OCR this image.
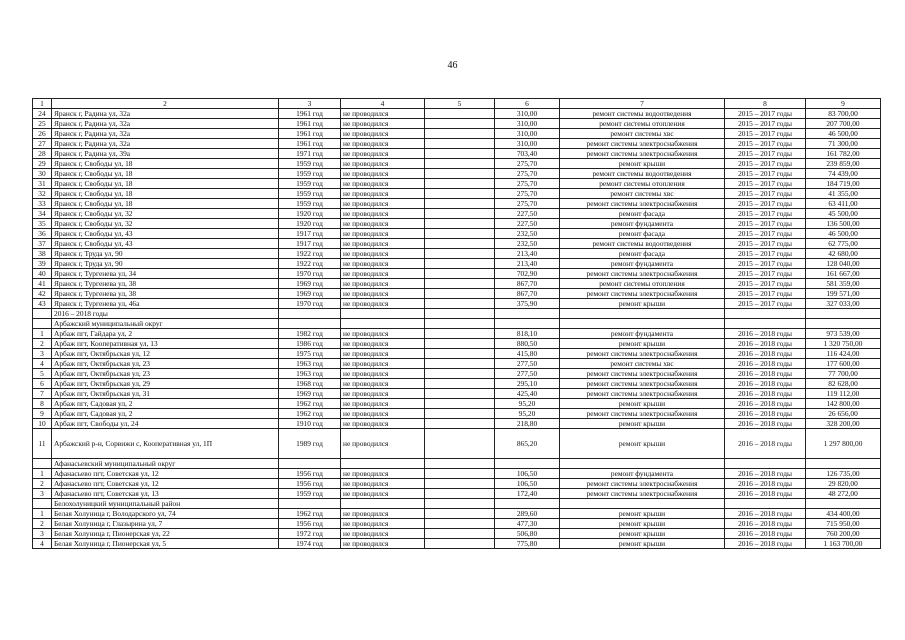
46
1	2	3	4	5	6	7	8	9
24	Яранск г, Радина ул, 32а	1961 год	не проводился		310,00	ремонт системы водоотведения	2015 – 2017 годы	83 700,00
25	Яранск г, Радина ул, 32а	1961 год	не проводился		310,00	ремонт системы отопления	2015 – 2017 годы	207 700,00
26	Яранск г, Радина ул, 32а	1961 год	не проводился		310,00	ремонт системы хвс	2015 – 2017 годы	46 500,00
27	Яранск г, Радина ул, 32а	1961 год	не проводился		310,00	ремонт системы электроснабжения	2015 – 2017 годы	71 300,00
28	Яранск г, Радина ул, 39а	1971 год	не проводился		703,40	ремонт системы электроснабжения	2015 – 2017 годы	161 782,00
29	Яранск г, Свободы ул, 18	1959 год	не проводился		275,70	ремонт крыши	2015 – 2017 годы	239 859,00
30	Яранск г, Свободы ул, 18	1959 год	не проводился		275,70	ремонт системы водоотведения	2015 – 2017 годы	74 439,00
31	Яранск г, Свободы ул, 18	1959 год	не проводился		275,70	ремонт системы отопления	2015 – 2017 годы	184 719,00
32	Яранск г, Свободы ул, 18	1959 год	не проводился		275,70	ремонт системы хвс	2015 – 2017 годы	41 355,00
33	Яранск г, Свободы ул, 18	1959 год	не проводился		275,70	ремонт системы электроснабжения	2015 – 2017 годы	63 411,00
34	Яранск г, Свободы ул, 32	1920 год	не проводился		227,50	ремонт фасада	2015 – 2017 годы	45 500,00
35	Яранск г, Свободы ул, 32	1920 год	не проводился		227,50	ремонт фундамента	2015 – 2017 годы	136 500,00
36	Яранск г, Свободы ул, 43	1917 год	не проводился		232,50	ремонт фасада	2015 – 2017 годы	46 500,00
37	Яранск г, Свободы ул, 43	1917 год	не проводился		232,50	ремонт системы водоотведения	2015 – 2017 годы	62 775,00
38	Яранск г, Труда ул, 90	1922 год	не проводился		213,40	ремонт фасада	2015 – 2017 годы	42 680,00
39	Яранск г, Труда ул, 90	1922 год	не проводился		213,40	ремонт фундамента	2015 – 2017 годы	128 040,00
40	Яранск г, Тургенева ул, 34	1970 год	не проводился		702,90	ремонт системы электроснабжения	2015 – 2017 годы	161 667,00
41	Яранск г, Тургенева ул, 38	1969 год	не проводился		867,70	ремонт системы отопления	2015 – 2017 годы	581 359,00
42	Яранск г, Тургенева ул, 38	1969 год	не проводился		867,70	ремонт системы электроснабжения	2015 – 2017 годы	199 571,00
43	Яранск г, Тургенева ул, 46а	1970 год	не проводился		375,90	ремонт крыши	2015 – 2017 годы	327 033,00
	2016 – 2018 годы							
	Арбажский муниципальный округ							
1	Арбаж пгт, Гайдара ул, 2	1982 год	не проводился		818,10	ремонт фундамента	2016 – 2018 годы	973 539,00
2	Арбаж пгт, Кооперативная ул, 13	1986 год	не проводился		880,50	ремонт крыши	2016 – 2018 годы	1 320 750,00
3	Арбаж пгт, Октябрьская ул, 12	1975 год	не проводился		415,80	ремонт системы электроснабжения	2016 – 2018 годы	116 424,00
4	Арбаж пгт, Октябрьская ул, 23	1963 год	не проводился		277,50	ремонт системы хвс	2016 – 2018 годы	177 600,00
5	Арбаж пгт, Октябрьская ул, 23	1963 год	не проводился		277,50	ремонт системы электроснабжения	2016 – 2018 годы	77 700,00
6	Арбаж пгт, Октябрьская ул, 29	1968 год	не проводился		295,10	ремонт системы электроснабжения	2016 – 2018 годы	82 628,00
7	Арбаж пгт, Октябрьская ул, 31	1969 год	не проводился		425,40	ремонт системы электроснабжения	2016 – 2018 годы	119 112,00
8	Арбаж пгт, Садовая ул, 2	1962 год	не проводился		95,20	ремонт крыши	2016 – 2018 годы	142 800,00
9	Арбаж пгт, Садовая ул, 2	1962 год	не проводился		95,20	ремонт системы электроснабжения	2016 – 2018 годы	26 656,00
10	Арбаж пгт, Свободы ул, 24	1910 год	не проводился		218,80	ремонт крыши	2016 – 2018 годы	328 200,00
11	Арбажский р-н, Сорвижи с, Кооперативная ул, 1П	1989 год	не проводился		865,20	ремонт крыши	2016 – 2018 годы	1 297 800,00
	Афанасьевский муниципальный округ							
1	Афанасьево пгт, Советская ул, 12	1956 год	не проводился		106,50	ремонт фундамента	2016 – 2018 годы	126 735,00
2	Афанасьево пгт, Советская ул, 12	1956 год	не проводился		106,50	ремонт системы электроснабжения	2016 – 2018 годы	29 820,00
3	Афанасьево пгт, Советская ул, 13	1959 год	не проводился		172,40	ремонт системы электроснабжения	2016 – 2018 годы	48 272,00
	Белохолуницкий муниципальный район							
1	Белая Холуница г, Володарского ул, 74	1962 год	не проводился		289,60	ремонт крыши	2016 – 2018 годы	434 400,00
2	Белая Холуница г, Глазырина ул, 7	1956 год	не проводился		477,30	ремонт крыши	2016 – 2018 годы	715 950,00
3	Белая Холуница г, Пионерская ул, 22	1972 год	не проводился		506,80	ремонт крыши	2016 – 2018 годы	760 200,00
4	Белая Холуница г, Пионерская ул, 5	1974 год	не проводился		775,80	ремонт крыши	2016 – 2018 годы	1 163 700,00
